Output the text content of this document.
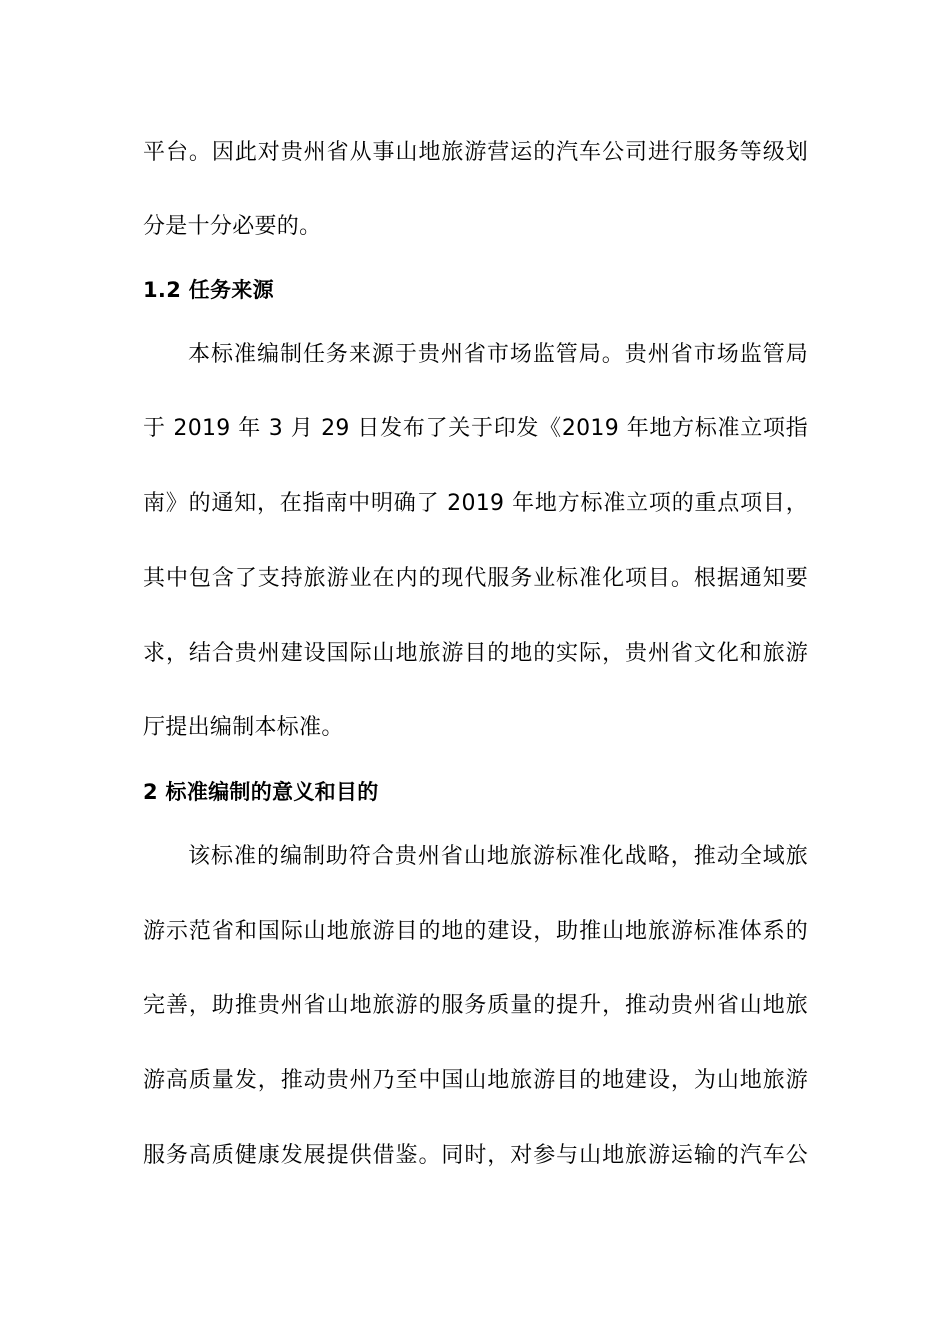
平台。因此对贵州省从事山地旅游营运的汽车公司进行服务等级划
分是十分必要的。
1.2 任务来源
本标准编制任务来源于贵州省市场监管局。贵州省市场监管局
于 2019 年 3 月 29 日发布了关于印发《2019 年地方标准立项指
南》的通知，在指南中明确了 2019 年地方标准立项的重点项目，
其中包含了支持旅游业在内的现代服务业标准化项目。根据通知要
求，结合贵州建设国际山地旅游目的地的实际，贵州省文化和旅游
厅提出编制本标准。
2 标准编制的意义和目的
该标准的编制助符合贵州省山地旅游标准化战略，推动全域旅
游示范省和国际山地旅游目的地的建设，助推山地旅游标准体系的
完善，助推贵州省山地旅游的服务质量的提升，推动贵州省山地旅
游高质量发，推动贵州乃至中国山地旅游目的地建设，为山地旅游
服务高质健康发展提供借鉴。同时，对参与山地旅游运输的汽车公
